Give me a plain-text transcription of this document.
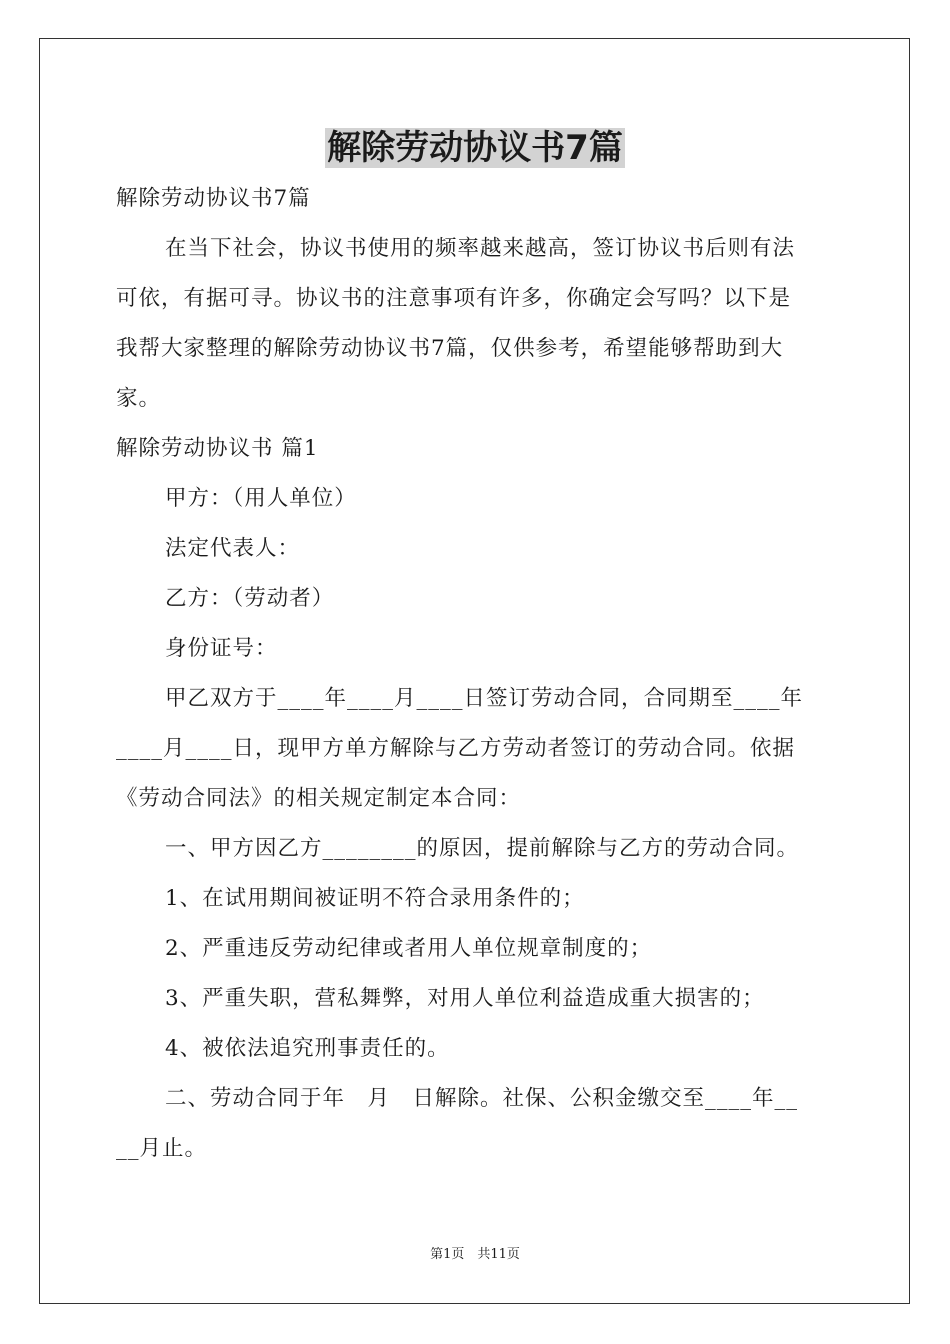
解除劳动协议书7篇
解除劳动协议书7篇
在当下社会，协议书使用的频率越来越高，签订协议书后则有法
可依，有据可寻。协议书的注意事项有许多，你确定会写吗？以下是
我帮大家整理的解除劳动协议书7篇，仅供参考，希望能够帮助到大
家。
解除劳动协议书 篇1
甲方：（用人单位）
法定代表人：
乙方：（劳动者）
身份证号：
甲乙双方于____年____月____日签订劳动合同，合同期至____年
____月____日，现甲方单方解除与乙方劳动者签订的劳动合同。依据
《劳动合同法》的相关规定制定本合同：
一、甲方因乙方________的原因，提前解除与乙方的劳动合同。
1、在试用期间被证明不符合录用条件的；
2、严重违反劳动纪律或者用人单位规章制度的；
3、严重失职，营私舞弊，对用人单位利益造成重大损害的；
4、被依法追究刑事责任的。
二、劳动合同于年　月　日解除。社保、公积金缴交至____年__
__月止。
第1页　共11页
